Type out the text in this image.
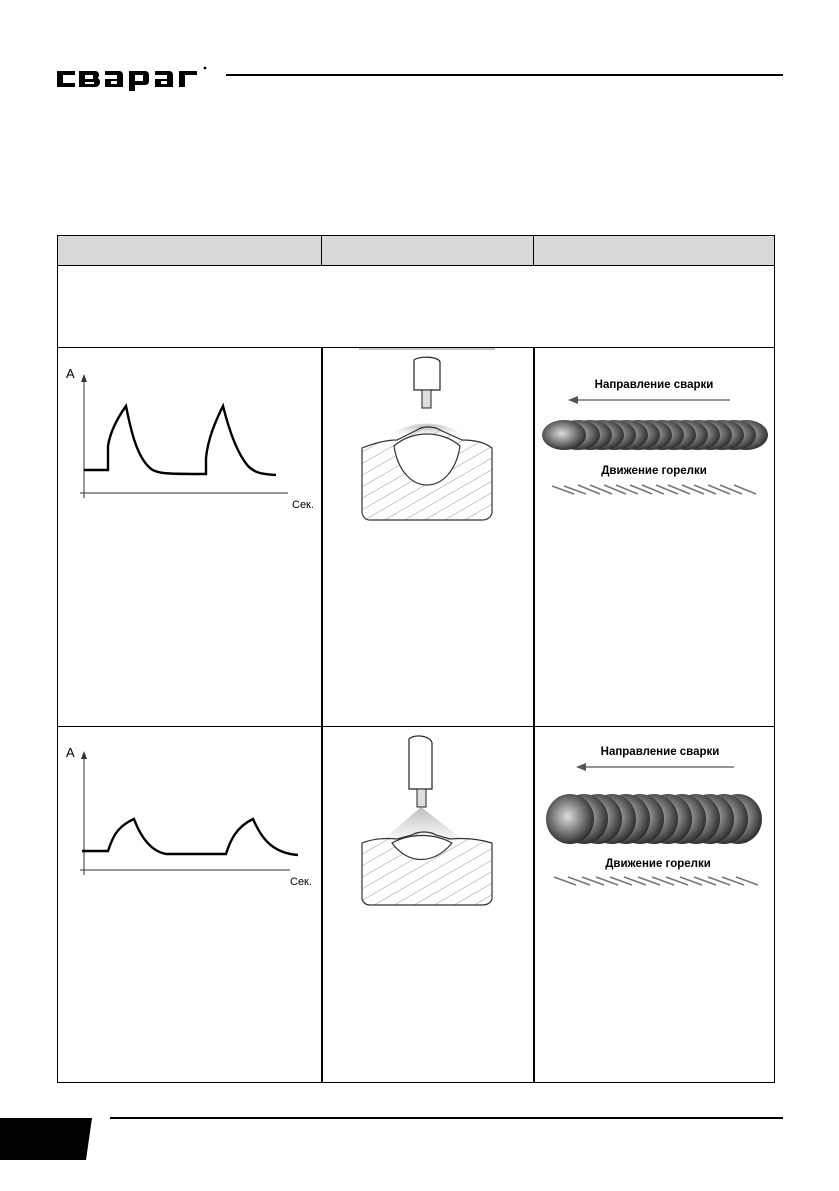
А
Сек.
Направление сварки
Движение горелки
А
Сек.
Направление сварки
Движение горелки
